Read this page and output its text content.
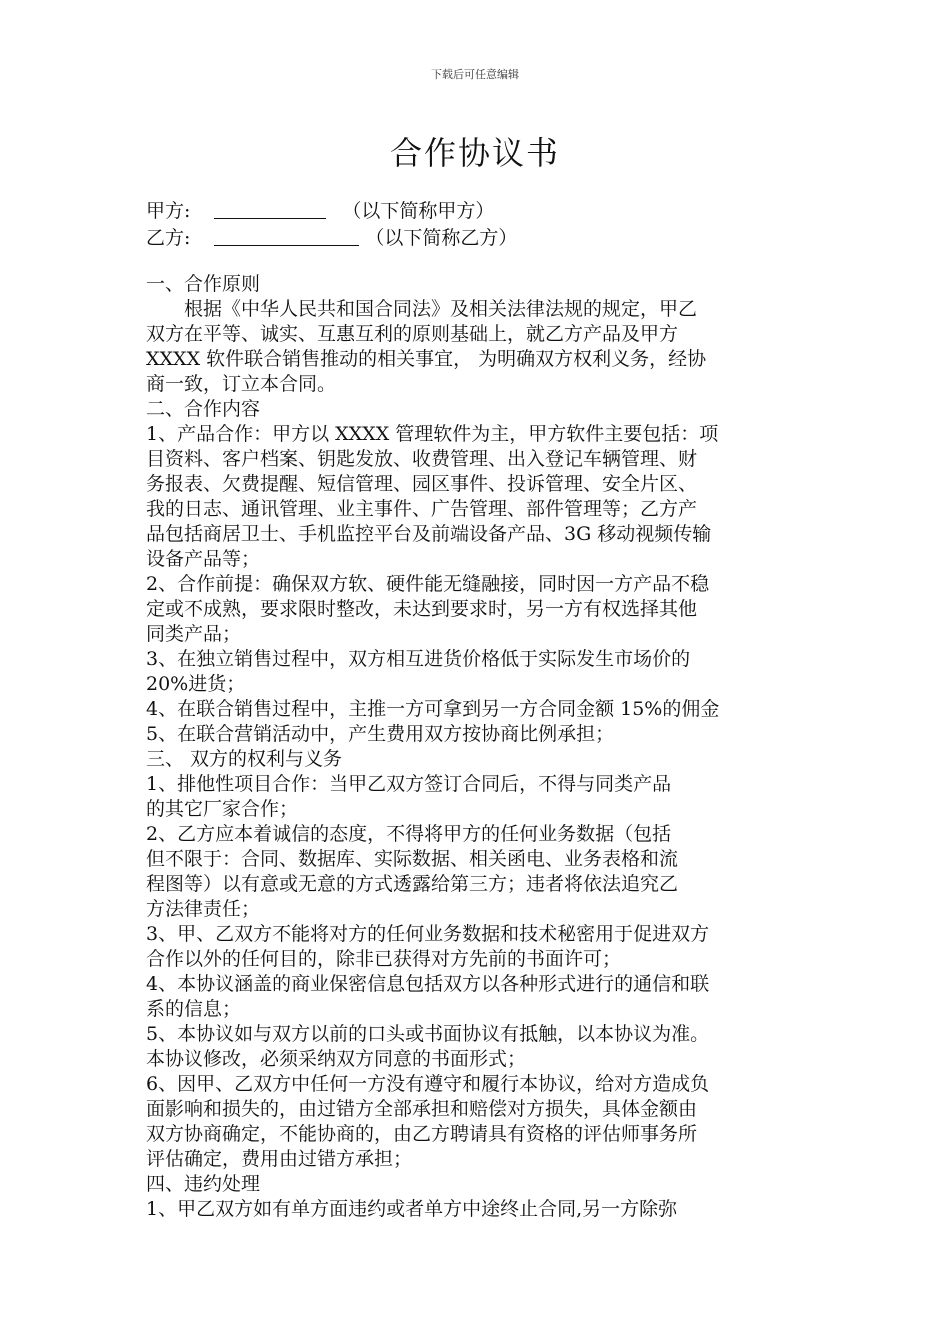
下载后可任意编辑
合作协议书
甲方:	（以下简称甲方）
乙方:	（以下简称乙方）
一、合作原则
根据《中华人民共和国合同法》及相关法律法规的规定，甲乙
双方在平等、诚实、互惠互利的原则基础上，就乙方产品及甲方
XXXX 软件联合销售推动的相关事宜， 为明确双方权利义务，经协
商一致，订立本合同。
二、合作内容
1、产品合作：甲方以 XXXX 管理软件为主，甲方软件主要包括：项
目资料、客户档案、钥匙发放、收费管理、出入登记车辆管理、财
务报表、欠费提醒、短信管理、园区事件、投诉管理、安全片区、
我的日志、通讯管理、业主事件、广告管理、部件管理等；乙方产
品包括商居卫士、手机监控平台及前端设备产品、3G 移动视频传输
设备产品等；
2、合作前提：确保双方软、硬件能无缝融接，同时因一方产品不稳
定或不成熟，要求限时整改，未达到要求时，另一方有权选择其他
同类产品；
3、在独立销售过程中，双方相互进货价格低于实际发生市场价的
20%进货；
4、在联合销售过程中，主推一方可拿到另一方合同金额 15%的佣金
5、在联合营销活动中，产生费用双方按协商比例承担；
三、 双方的权利与义务
1、排他性项目合作：当甲乙双方签订合同后，不得与同类产品
的其它厂家合作；
2、乙方应本着诚信的态度，不得将甲方的任何业务数据（包括
但不限于：合同、数据库、实际数据、相关函电、业务表格和流
程图等）以有意或无意的方式透露给第三方；违者将依法追究乙
方法律责任；
3、甲、乙双方不能将对方的任何业务数据和技术秘密用于促进双方
合作以外的任何目的，除非已获得对方先前的书面许可；
4、本协议涵盖的商业保密信息包括双方以各种形式进行的通信和联
系的信息；
5、本协议如与双方以前的口头或书面协议有抵触，以本协议为准。
本协议修改，必须采纳双方同意的书面形式；
6、因甲、乙双方中任何一方没有遵守和履行本协议，给对方造成负
面影响和损失的，由过错方全部承担和赔偿对方损失，具体金额由
双方协商确定，不能协商的，由乙方聘请具有资格的评估师事务所
评估确定，费用由过错方承担；
四、违约处理
1、甲乙双方如有单方面违约或者单方中途终止合同,另一方除弥
